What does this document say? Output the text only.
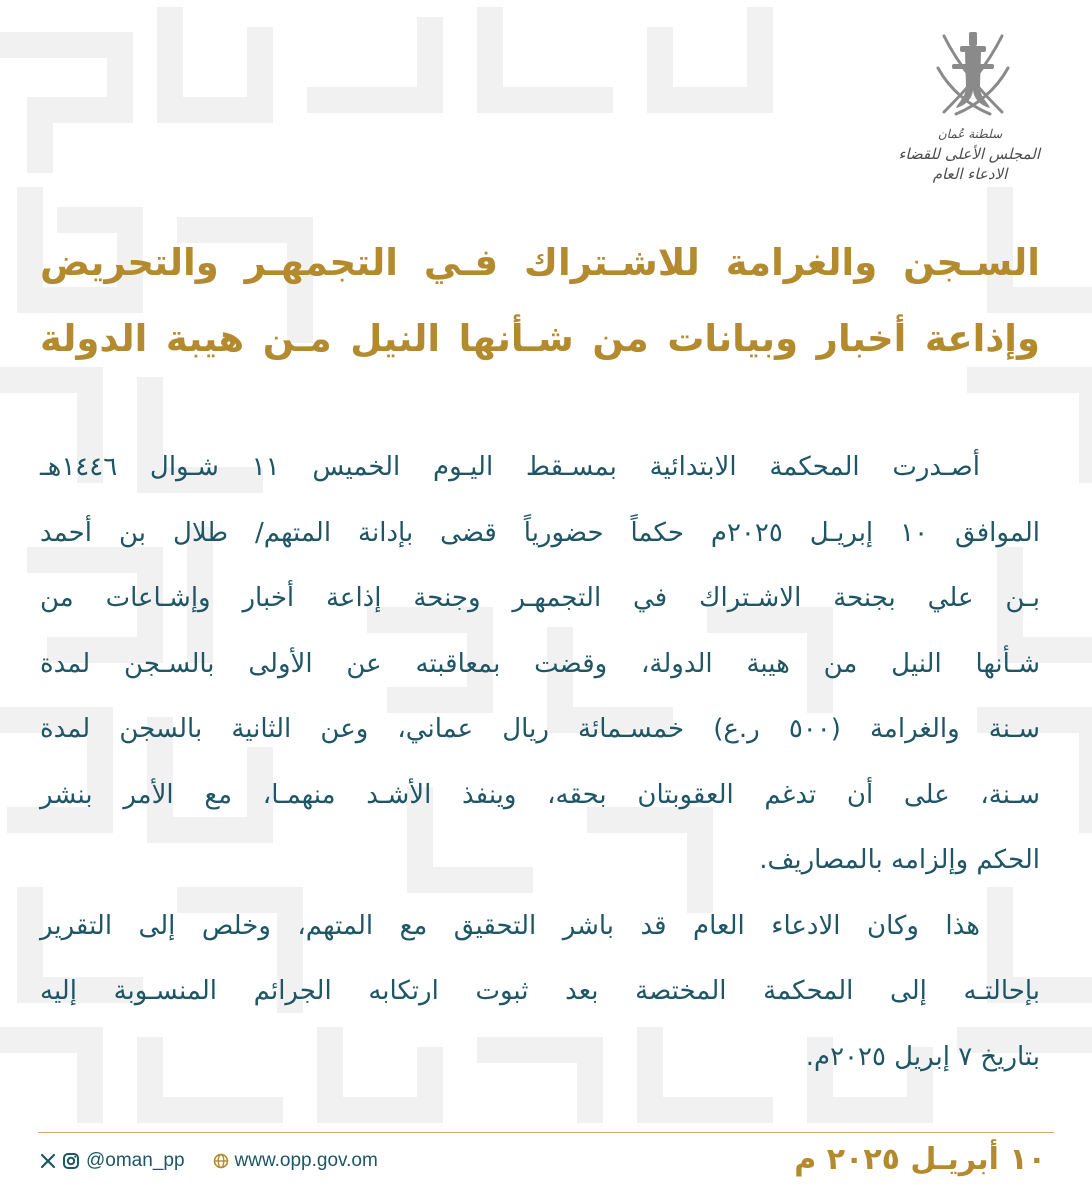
سلطنة عُمان
المجلس الأعلى للقضاء
الادعاء العام
السـجن والغرامة للاشـتراك فـي التجمهـر والتحريض
وإذاعة أخبار وبيانات من شـأنها النيل مـن هيبة الدولة
أصـدرت المحكمة الابتدائية بمسـقط اليـوم الخميس ١١ شـوال ١٤٤٦هـ
الموافق ١٠ إبريـل ٢٠٢٥م حكماً حضورياً قضى بإدانة المتهم/ طلال بن أحمد
بـن علي بجنحة الاشـتراك في التجمهـر وجنحة إذاعة أخبار وإشـاعات من
شـأنها النيل من هيبة الدولة، وقضت بمعاقبته عن الأولى بالسـجن لمدة
سـنة والغرامة (٥٠٠ ر.ع) خمسـمائة ريال عماني، وعن الثانية بالسجن لمدة
سـنة، على أن تدغم العقوبتان بحقه، وينفذ الأشـد منهمـا، مع الأمر بنشر
الحكم وإلزامه بالمصاريف.
هذا وكان الادعاء العام قد باشر التحقيق مع المتهم، وخلص إلى التقرير
بإحالتـه إلى المحكمة المختصة بعد ثبوت ارتكابه الجرائم المنسـوبة إليه
بتاريخ ٧ إبريل ٢٠٢٥م.
@oman_pp	www.opp.gov.om	١٠ أبريـل ٢٠٢٥ م
